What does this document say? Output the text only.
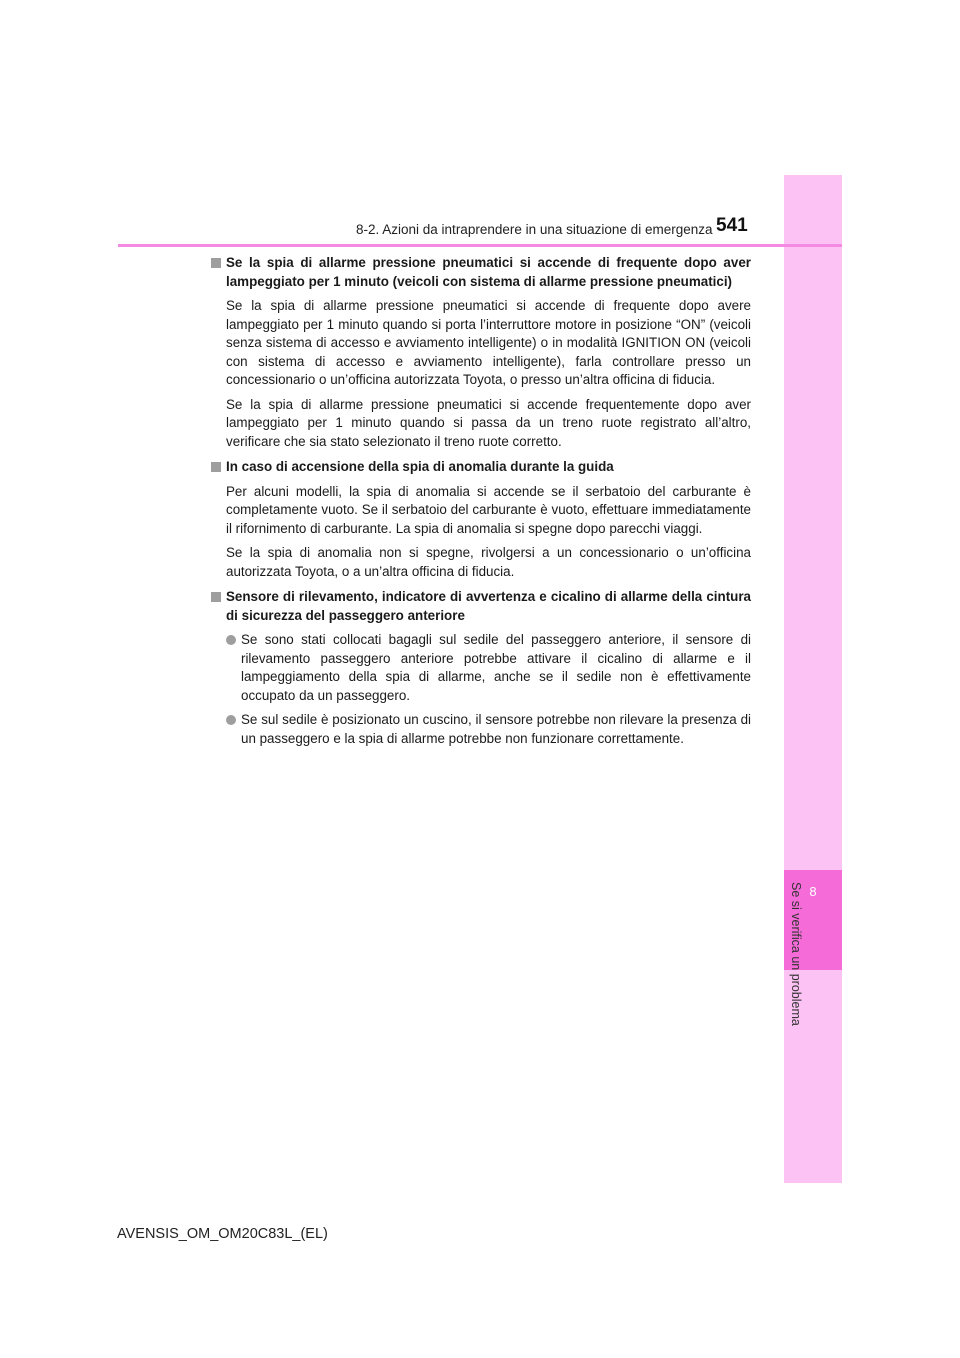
8
Se si verifica un problema
8-2. Azioni da intraprendere in una situazione di emergenza 541
Se la spia di allarme pressione pneumatici si accende di frequente dopo aver lampeggiato per 1 minuto (veicoli con sistema di allarme pressione pneumatici)
Se la spia di allarme pressione pneumatici si accende di frequente dopo avere lampeggiato per 1 minuto quando si porta l’interruttore motore in posizione “ON” (veicoli senza sistema di accesso e avviamento intelligente) o in modalità IGNITION ON (veicoli con sistema di accesso e avviamento intelligente), farla controllare presso un concessionario o un’officina autorizzata Toyota, o presso un’altra officina di fiducia.
Se la spia di allarme pressione pneumatici si accende frequentemente dopo aver lampeggiato per 1 minuto quando si passa da un treno ruote registrato all’altro, verificare che sia stato selezionato il treno ruote corretto.
In caso di accensione della spia di anomalia durante la guida
Per alcuni modelli, la spia di anomalia si accende se il serbatoio del carburante è completamente vuoto. Se il serbatoio del carburante è vuoto, effettuare immediatamente il rifornimento di carburante. La spia di anomalia si spegne dopo parecchi viaggi.
Se la spia di anomalia non si spegne, rivolgersi a un concessionario o un’officina autorizzata Toyota, o a un’altra officina di fiducia.
Sensore di rilevamento, indicatore di avvertenza e cicalino di allarme della cintura di sicurezza del passeggero anteriore
Se sono stati collocati bagagli sul sedile del passeggero anteriore, il sensore di rilevamento passeggero anteriore potrebbe attivare il cicalino di allarme e il lampeggiamento della spia di allarme, anche se il sedile non è effettivamente occupato da un passeggero.
Se sul sedile è posizionato un cuscino, il sensore potrebbe non rilevare la presenza di un passeggero e la spia di allarme potrebbe non funzionare correttamente.
AVENSIS_OM_OM20C83L_(EL)
